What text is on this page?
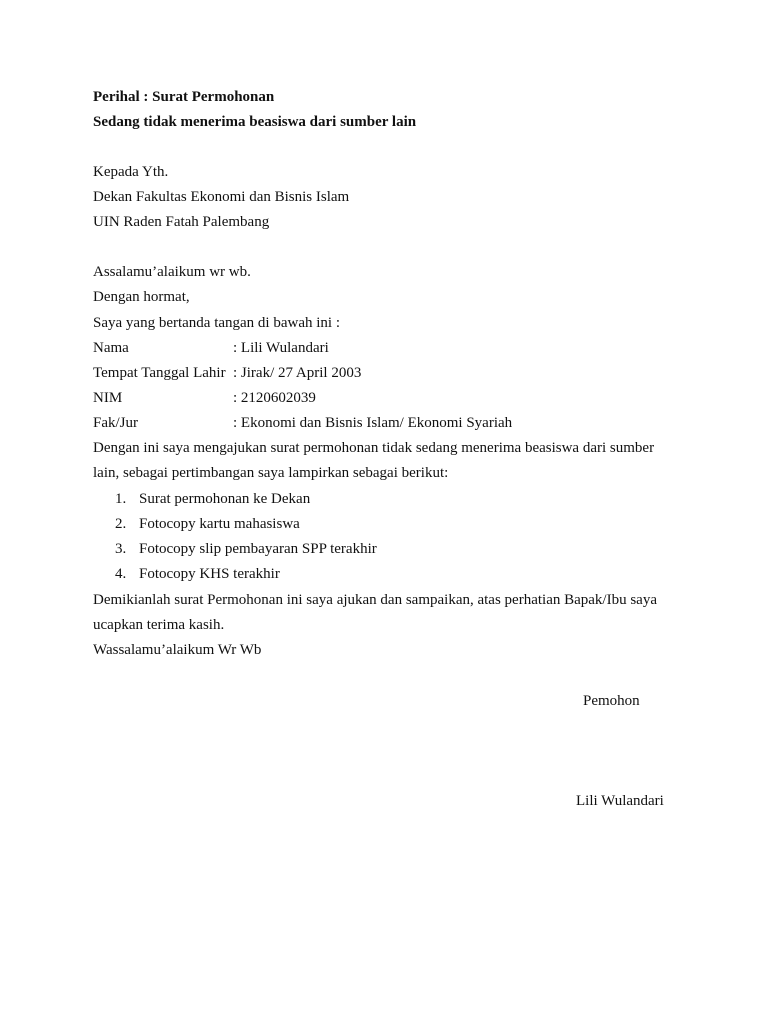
Perihal : Surat Permohonan
Sedang tidak menerima beasiswa dari sumber lain
Kepada Yth.
Dekan Fakultas Ekonomi dan Bisnis Islam
UIN Raden Fatah Palembang
Assalamu’alaikum wr wb.
Dengan hormat,
Saya yang bertanda tangan di bawah ini :
Nama	: Lili Wulandari
Tempat Tanggal Lahir : Jirak/ 27 April 2003
NIM	: 2120602039
Fak/Jur	: Ekonomi dan Bisnis Islam/ Ekonomi Syariah
Dengan ini saya mengajukan surat permohonan tidak sedang menerima beasiswa dari sumber
lain, sebagai pertimbangan saya lampirkan sebagai berikut:
1. Surat permohonan ke Dekan
2. Fotocopy kartu mahasiswa
3. Fotocopy slip pembayaran SPP terakhir
4. Fotocopy KHS terakhir
Demikianlah surat Permohonan ini saya ajukan dan sampaikan, atas perhatian Bapak/Ibu saya
ucapkan terima kasih.
Wassalamu’alaikum Wr Wb
Pemohon
Lili Wulandari
